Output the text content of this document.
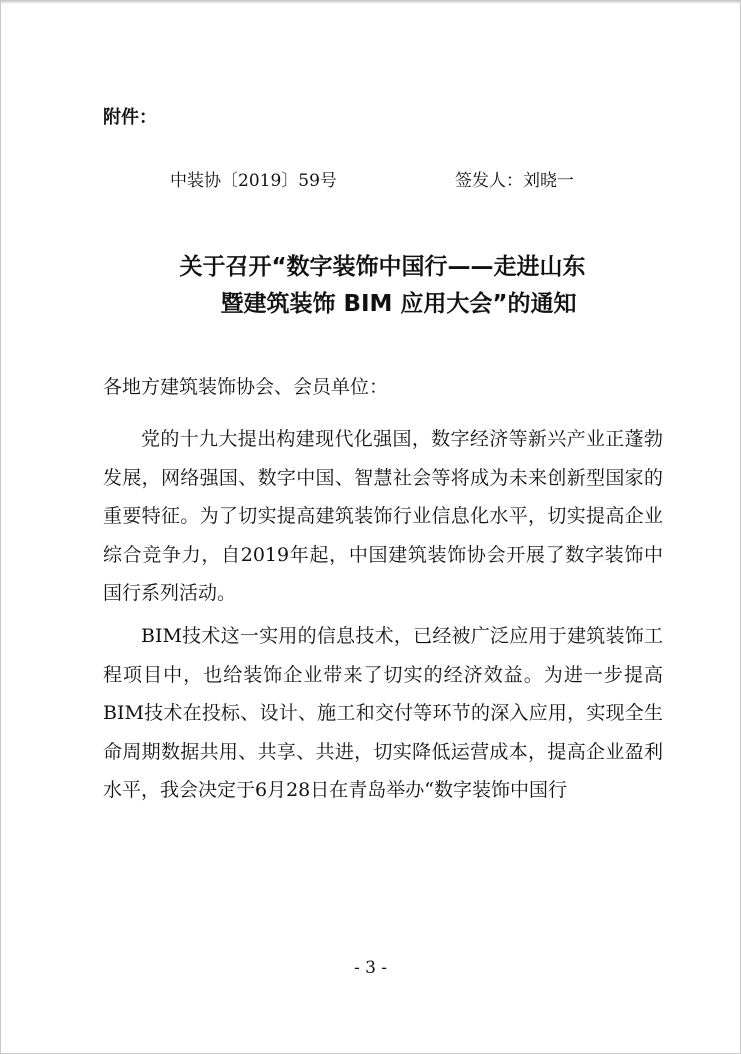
附件：
中装协〔2019〕59号	签发人：刘晓一
关于召开“数字装饰中国行——走进山东
暨建筑装饰 BIM 应用大会”的通知
各地方建筑装饰协会、会员单位：

党的十九大提出构建现代化强国，数字经济等新兴产业正蓬勃发展，网络强国、数字中国、智慧社会等将成为未来创新型国家的重要特征。为了切实提高建筑装饰行业信息化水平，切实提高企业综合竞争力，自2019年起，中国建筑装饰协会开展了数字装饰中国行系列活动。

BIM技术这一实用的信息技术，已经被广泛应用于建筑装饰工程项目中，也给装饰企业带来了切实的经济效益。为进一步提高BIM技术在投标、设计、施工和交付等环节的深入应用，实现全生命周期数据共用、共享、共进，切实降低运营成本，提高企业盈利水平，我会决定于6月28日在青岛举办“数字装饰中国行

- 3 -
